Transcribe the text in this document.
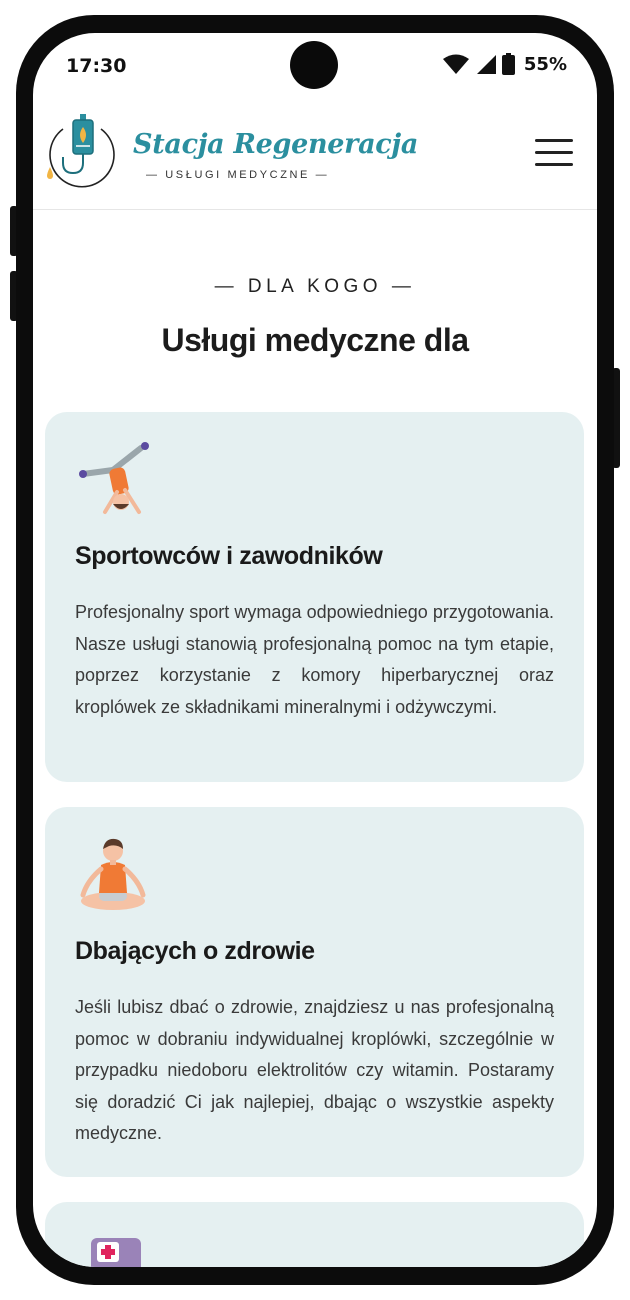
17:30	55%
Stacja Regeneracja
— USŁUGI MEDYCZNE —
— DLA KOGO —
Usługi medyczne dla
Sportowców i zawodników
Profesjonalny sport wymaga odpowiedniego przygotowania. Nasze usługi stanowią profesjonalną pomoc na tym etapie, poprzez korzystanie z komory hiperbarycznej oraz kroplówek ze składnikami mineralnymi i odżywczymi.
Dbających o zdrowie
Jeśli lubisz dbać o zdrowie, znajdziesz u nas profesjonalną pomoc w dobraniu indywidualnej kroplówki, szczególnie w przypadku niedoboru elektrolitów czy witamin. Postaramy się doradzić Ci jak najlepiej, dbając o wszystkie aspekty medyczne.
